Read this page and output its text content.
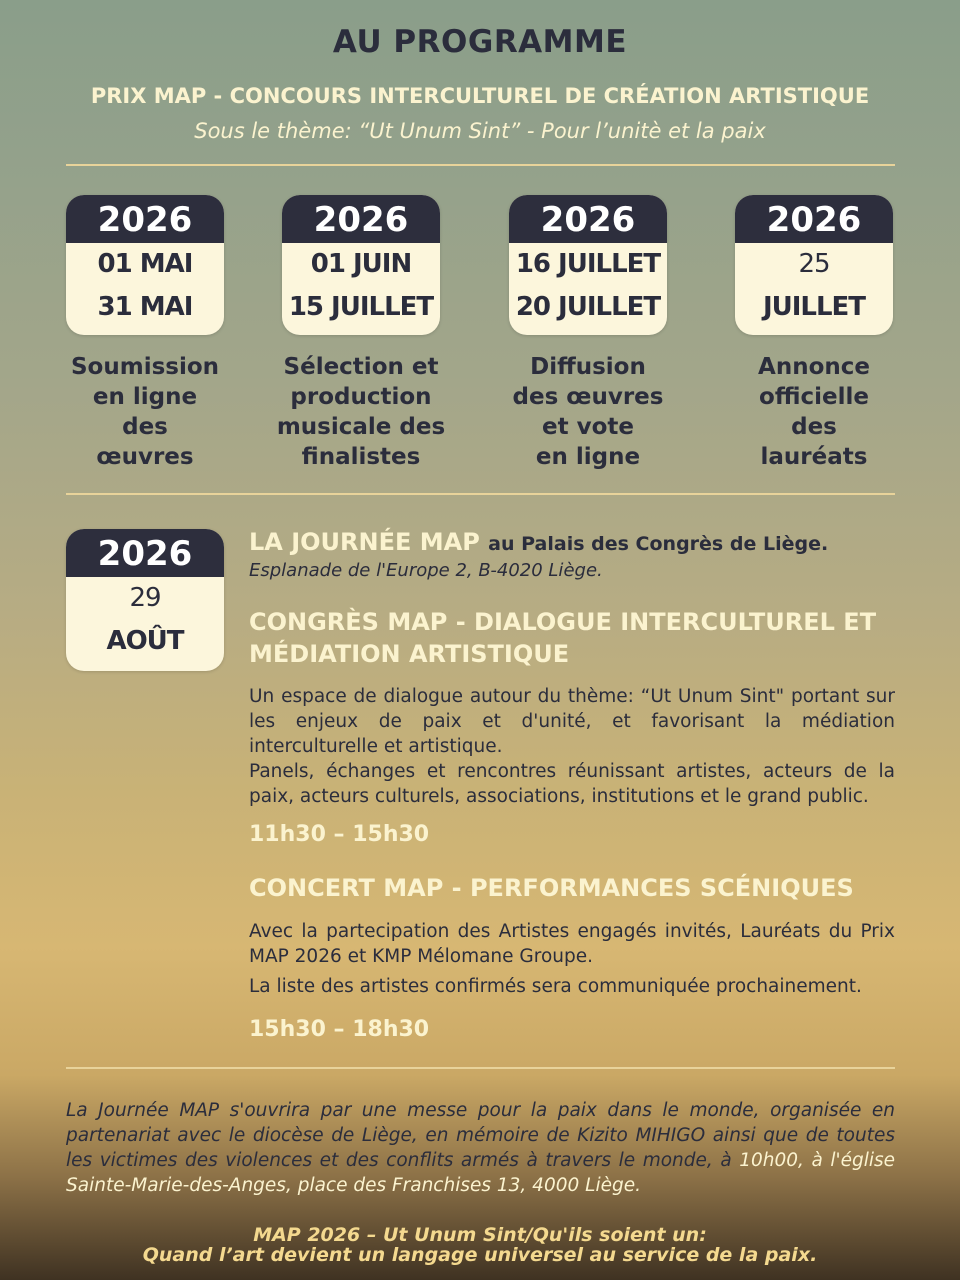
AU PROGRAMME
PRIX MAP - CONCOURS INTERCULTUREL DE CRÉATION ARTISTIQUE
Sous le thème: “Ut Unum Sint” - Pour l’unitè et la paix
2026
01 MAI
31 MAI
2026
01 JUIN
15 JUILLET
2026
16 JUILLET
20 JUILLET
2026
25
JUILLET
Soumission
en ligne
des
œuvres
Sélection et
production
musicale des
finalistes
Diffusion
des œuvres
et vote
en ligne
Annonce
officielle
des
lauréats
2026
29
AOÛT
LA JOURNÉE MAP au Palais des Congrès de Liège.
Esplanade de l'Europe 2, B-4020 Liège.
CONGRÈS MAP - DIALOGUE INTERCULTUREL ET
MÉDIATION ARTISTIQUE
Un espace de dialogue autour du thème: “Ut Unum Sint" portant sur les enjeux de paix et d'unité, et favorisant la médiation interculturelle et artistique.
Panels, échanges et rencontres réunissant artistes, acteurs de la paix, acteurs culturels, associations, institutions et le grand public.
11h30 – 15h30
CONCERT MAP - PERFORMANCES SCÉNIQUES
Avec la partecipation des Artistes engagés invités, Lauréats du Prix MAP 2026 et KMP Mélomane Groupe.
La liste des artistes confirmés sera communiquée prochainement.
15h30 – 18h30
La Journée MAP s'ouvrira par une messe pour la paix dans le monde, organisée en partenariat avec le diocèse de Liège, en mémoire de Kizito MIHIGO ainsi que de toutes les victimes des violences et des conflits armés à travers le monde, à 10h00, à l'église Sainte-Marie-des-Anges, place des Franchises 13, 4000 Liège.
MAP 2026 – Ut Unum Sint/Qu'ils soient un:
Quand l’art devient un langage universel au service de la paix.
